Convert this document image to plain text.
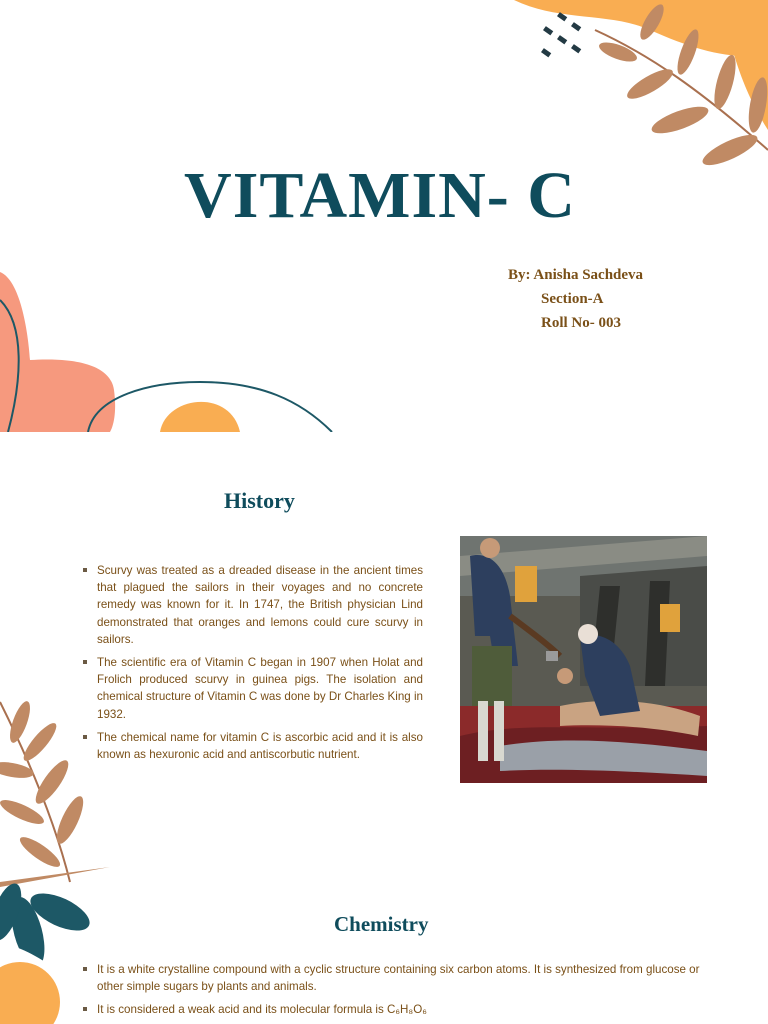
VITAMIN- C
By: Anisha Sachdeva
Section-A
Roll No- 003
History
Scurvy was treated as a dreaded disease in the ancient times that plagued the sailors in their voyages and no concrete remedy was known for it. In 1747, the British physician Lind demonstrated that oranges and lemons could cure scurvy in sailors.
The scientific era of Vitamin C began in 1907 when Holat and Frolich produced scurvy in guinea pigs. The isolation and chemical structure of Vitamin C was done by Dr Charles King in 1932.
The chemical name for vitamin C is ascorbic acid and it is also known as hexuronic acid and antiscorbutic nutrient.
Chemistry
It is a white crystalline compound with a cyclic structure containing six carbon atoms. It is synthesized from glucose or other simple sugars by plants and animals.
It is considered a weak acid and its molecular formula is C₆H₈O₆
